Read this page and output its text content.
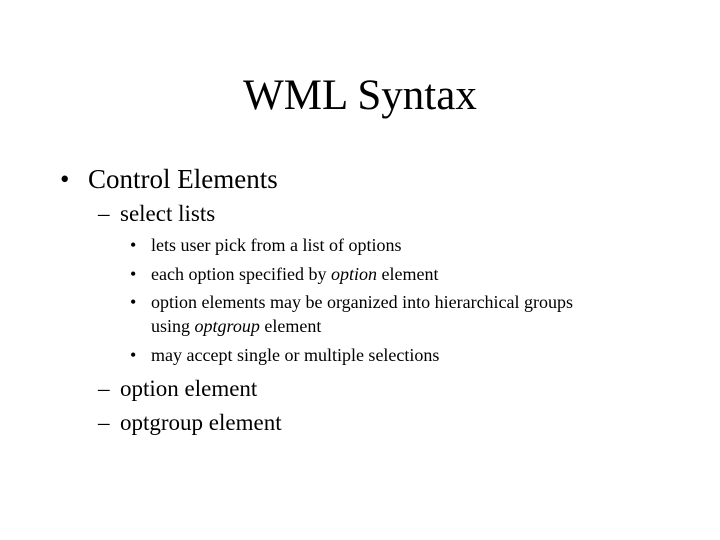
WML Syntax
• Control Elements
– select lists
• lets user pick from a list of options
• each option specified by option element
• option elements may be organized into hierarchical groups
using optgroup element
• may accept single or multiple selections
– option element
– optgroup element
